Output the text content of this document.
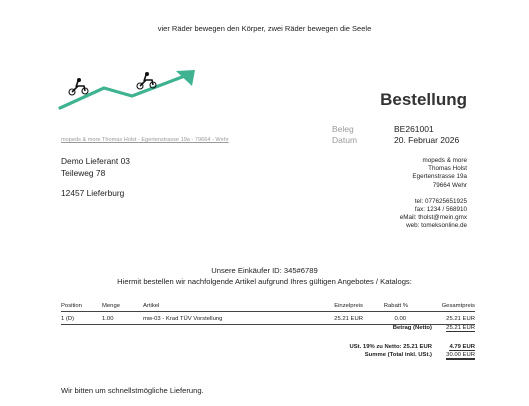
vier Räder bewegen den Körper, zwei Räder bewegen die Seele
Bestellung
Beleg	BE261001
Datum	20. Februar 2026
mopeds & more Thomas Holst - Egertenstrasse 19a - 79664 - Wehr
Demo Lieferant 03
Teileweg 78
12457 Lieferburg
mopeds & more
Thomas Holst
Egertenstrasse 19a
79664 Wehr
tel: 077625651925
fax: 1234 / 568910
eMail: tholst@mein.gmx
web: tomeksonline.de
Unsere Einkäufer ID: 345#6789
Hiermit bestellen wir nachfolgende Artikel aufgrund Ihres gültigen Angebotes / Katalogs:
Position	Menge	Artikel	Einzelpreis	Rabatt %	Gesamtpreis
1 (D)	1.00	mw-03 - Krad TÜV Vorstellung	25.21 EUR	0.00	25.21 EUR
Betrag (Netto) 25.21 EUR
USt. 19% zu Netto: 25.21 EUR	4.79 EUR
Summe (Total inkl. USt.) 30.00 EUR
Wir bitten um schnellstmögliche Lieferung.
